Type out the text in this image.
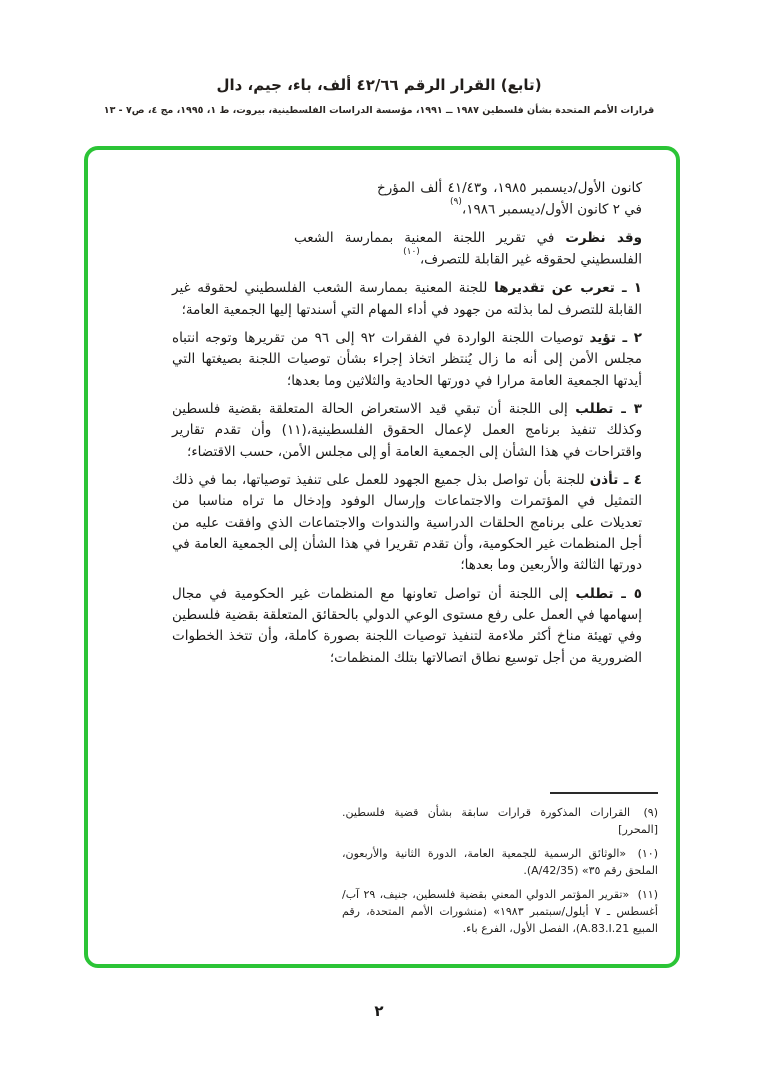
(تابع) القرار الرقم ٤٢/٦٦ ألف، باء، جيم، دال
قرارات الأمم المتحدة بشأن فلسطين ١٩٨٧ ــ ١٩٩١، مؤسسة الدراسات الفلسطينية، بيروت، ط ١، ١٩٩٥، مج ٤، ص٧ - ١٣

كانون الأول/ديسمبر ١٩٨٥، و٤١/٤٣ ألف المؤرخ في ٢ كانون الأول/ديسمبر ١٩٨٦،$^{(٩)}$

وقد نظرت في تقرير اللجنة المعنية بممارسة الشعب الفلسطيني لحقوقه غير القابلة للتصرف،$^{(١٠)}$

١ ـ تعرب عن تقديرها للجنة المعنية بممارسة الشعب الفلسطيني لحقوقه غير القابلة للتصرف لما بذلته من جهود في أداء المهام التي أسندتها إليها الجمعية العامة؛

٢ ـ تؤيد توصيات اللجنة الواردة في الفقرات ٩٢ إلى ٩٦ من تقريرها وتوجه انتباه مجلس الأمن إلى أنه ما زال يُنتظر اتخاذ إجراء بشأن توصيات اللجنة بصيغتها التي أيدتها الجمعية العامة مرارا في دورتها الحادية والثلاثين وما بعدها؛

٣ ـ تطلب إلى اللجنة أن تبقي قيد الاستعراض الحالة المتعلقة بقضية فلسطين وكذلك تنفيذ برنامج العمل لإعمال الحقوق الفلسطينية،(١١) وأن تقدم تقارير واقتراحات في هذا الشأن إلى الجمعية العامة أو إلى مجلس الأمن، حسب الاقتضاء؛

٤ ـ تأذن للجنة بأن تواصل بذل جميع الجهود للعمل على تنفيذ توصياتها، بما في ذلك التمثيل في المؤتمرات والاجتماعات وإرسال الوفود وإدخال ما تراه مناسبا من تعديلات على برنامج الحلقات الدراسية والندوات والاجتماعات الذي وافقت عليه من أجل المنظمات غير الحكومية، وأن تقدم تقريرا في هذا الشأن إلى الجمعية العامة في دورتها الثالثة والأربعين وما بعدها؛

٥ ـ تطلب إلى اللجنة أن تواصل تعاونها مع المنظمات غير الحكومية في مجال إسهامها في العمل على رفع مستوى الوعي الدولي بالحقائق المتعلقة بقضية فلسطين وفي تهيئة مناخ أكثر ملاءمة لتنفيذ توصيات اللجنة بصورة كاملة، وأن تتخذ الخطوات الضرورية من أجل توسيع نطاق اتصالاتها بتلك المنظمات؛

(٩) القرارات المذكورة قرارات سابقة بشأن قضية فلسطين. [المحرر]

(١٠) «الوثائق الرسمية للجمعية العامة، الدورة الثانية والأربعون، الملحق رقم ٣٥» (A/42/35).

(١١) «تقرير المؤتمر الدولي المعني بقضية فلسطين، جنيف، ٢٩ آب/أغسطس ـ ٧ أيلول/سبتمبر ١٩٨٣» (منشورات الأمم المتحدة، رقم المبيع A.83.I.21)، الفصل الأول، الفرع باء.

٢
